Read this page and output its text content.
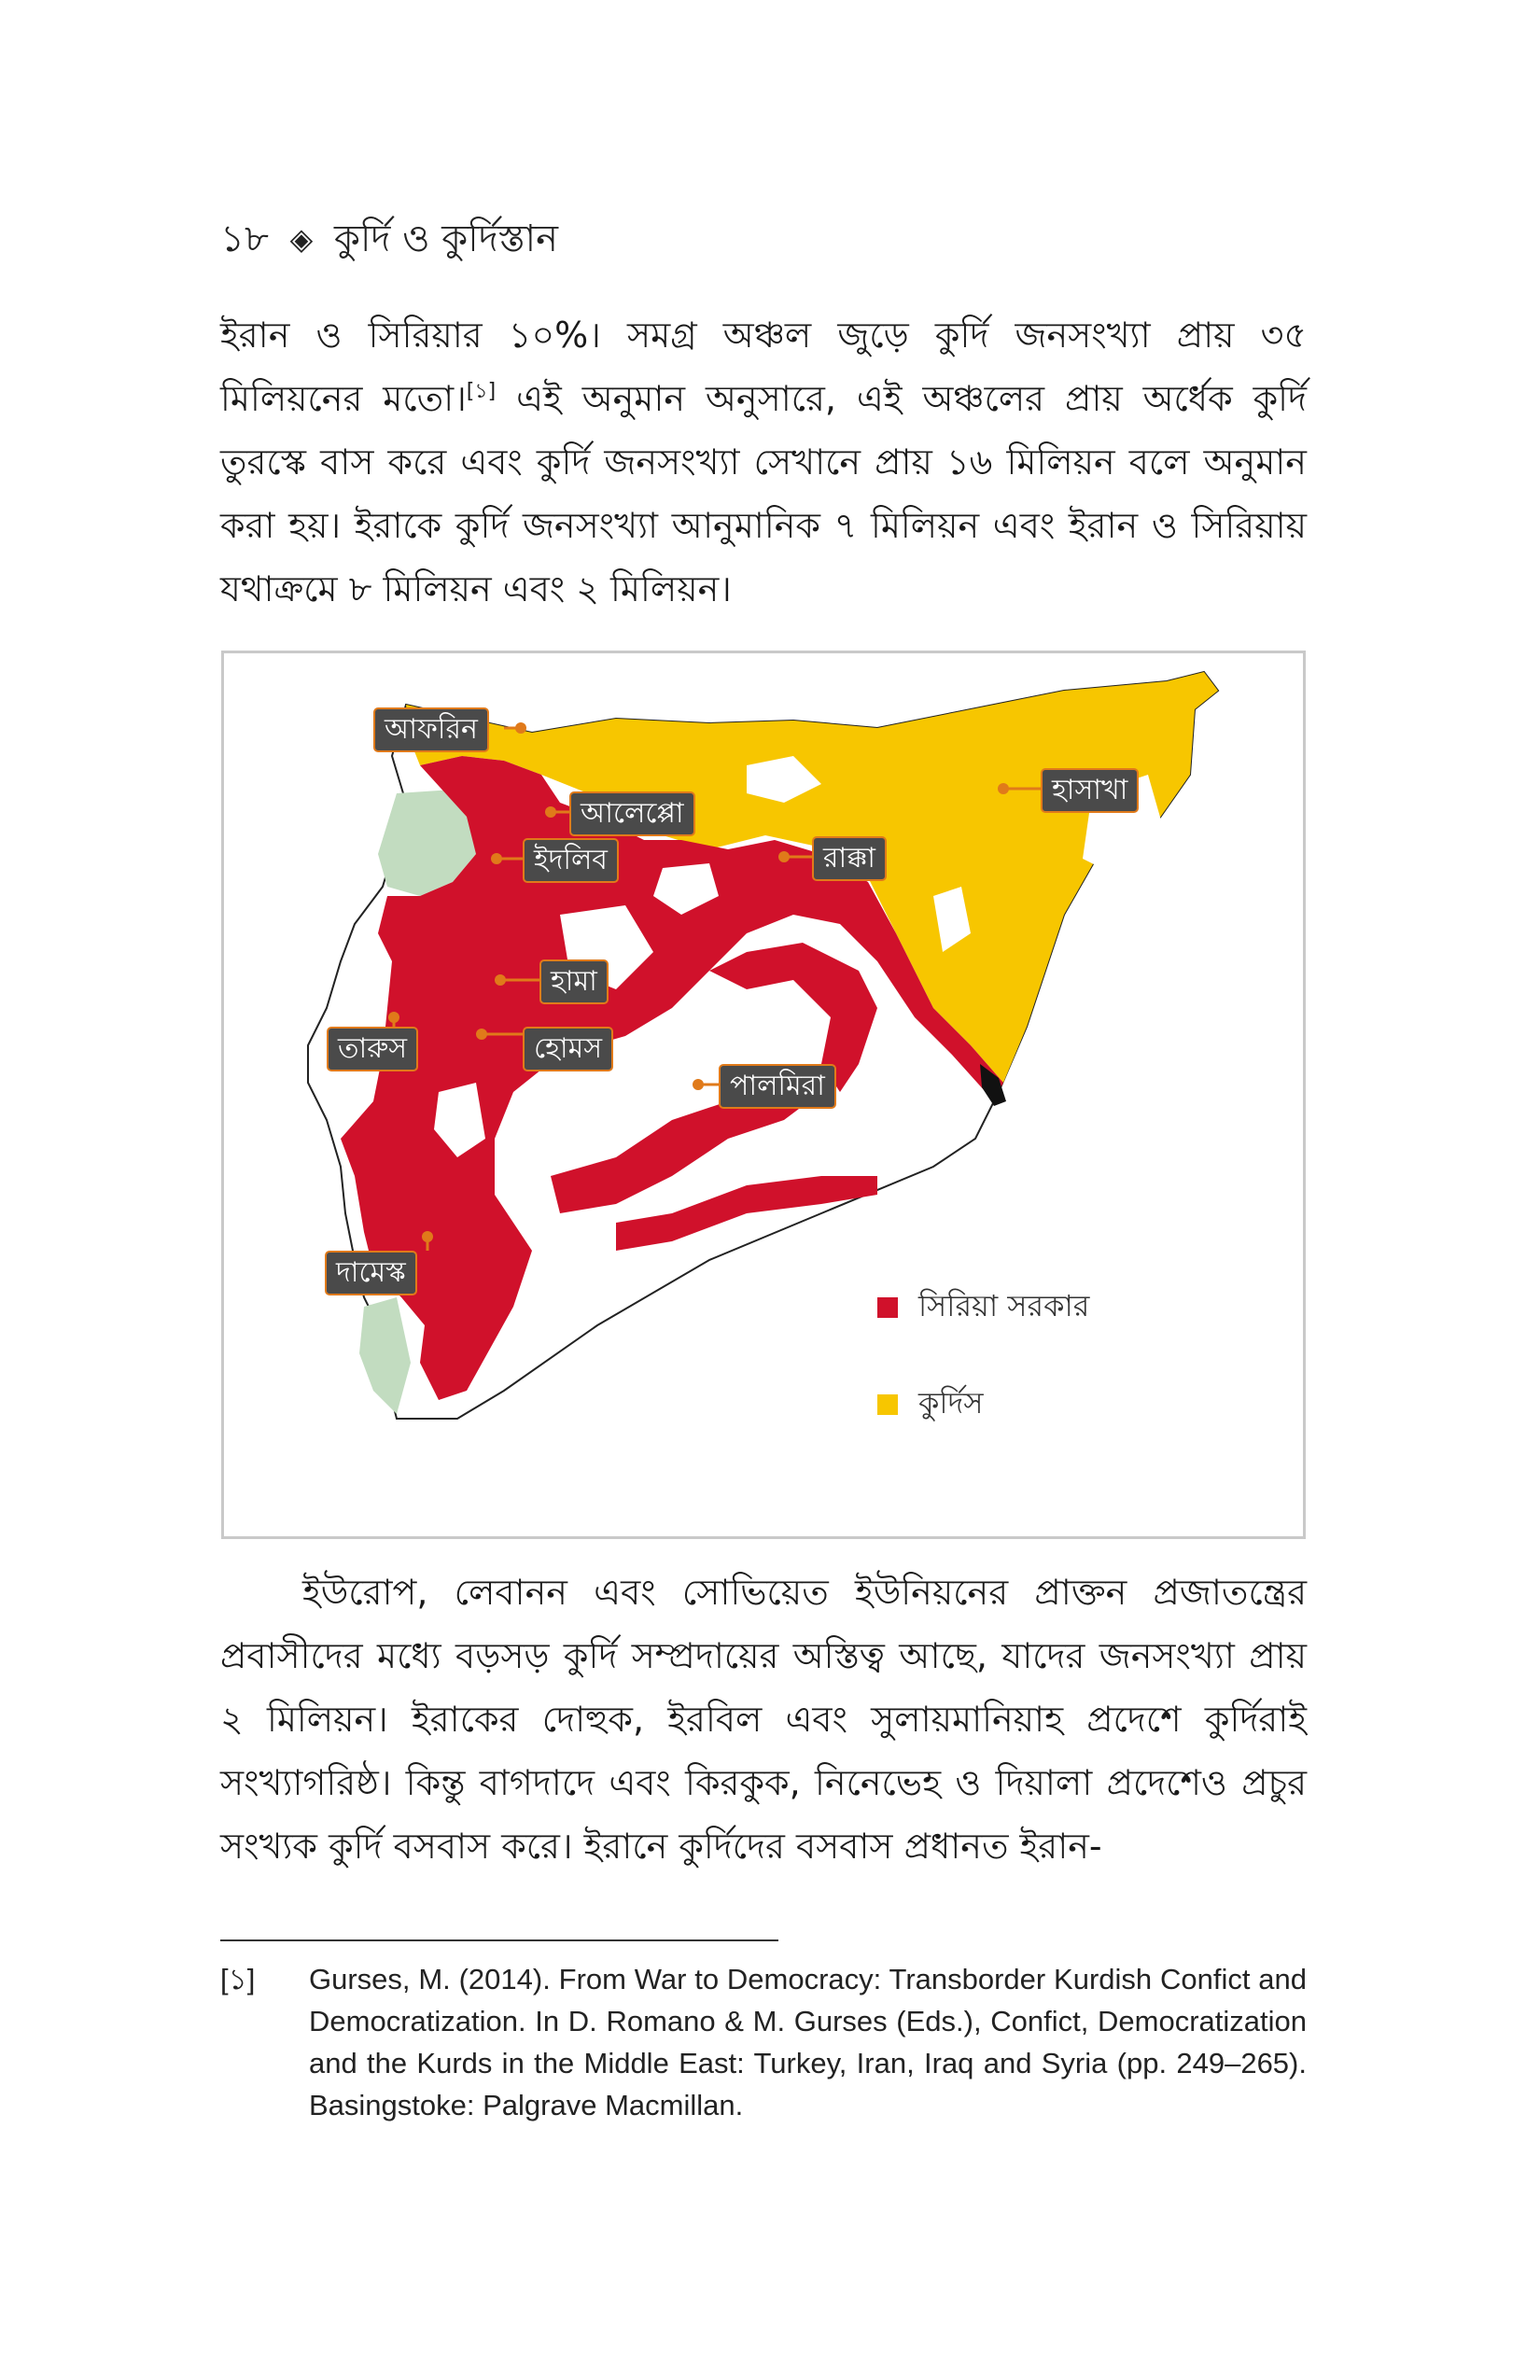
১৮ ◈ কুর্দি ও কুর্দিস্তান
ইরান ও সিরিয়ার ১০%। সমগ্র অঞ্চল জুড়ে কুর্দি জনসংখ্যা প্রায় ৩৫ মিলিয়নের মতো।[১] এই অনুমান অনুসারে, এই অঞ্চলের প্রায় অর্ধেক কুর্দি তুরস্কে বাস করে এবং কুর্দি জনসংখ্যা সেখানে প্রায় ১৬ মিলিয়ন বলে অনুমান করা হয়। ইরাকে কুর্দি জনসংখ্যা আনুমানিক ৭ মিলিয়ন এবং ইরান ও সিরিয়ায় যথাক্রমে ৮ মিলিয়ন এবং ২ মিলিয়ন।
আফরিন
আলেপ্পো
ইদলিব	রাক্কা
হাসাখা
হামা
তারুস	হোমস
পালমিরা
দামেস্ক
সিরিয়া সরকার
কুর্দিস
ইউরোপ, লেবানন এবং সোভিয়েত ইউনিয়নের প্রাক্তন প্রজাতন্ত্রের প্রবাসীদের মধ্যে বড়সড় কুর্দি সম্প্রদায়ের অস্তিত্ব আছে, যাদের জনসংখ্যা প্রায় ২ মিলিয়ন। ইরাকের দোহুক, ইরবিল এবং সুলায়মানিয়াহ প্রদেশে কুর্দিরাই সংখ্যাগরিষ্ঠ। কিন্তু বাগদাদে এবং কিরকুক, নিনেভেহ ও দিয়ালা প্রদেশেও প্রচুর সংখ্যক কুর্দি বসবাস করে। ইরানে কুর্দিদের বসবাস প্রধানত ইরান-
[১] Gurses, M. (2014). From War to Democracy: Transborder Kurdish Confict and Democratization. In D. Romano & M. Gurses (Eds.), Confict, Democratization and the Kurds in the Middle East: Turkey, Iran, Iraq and Syria (pp. 249–265). Basingstoke: Palgrave Macmillan.
